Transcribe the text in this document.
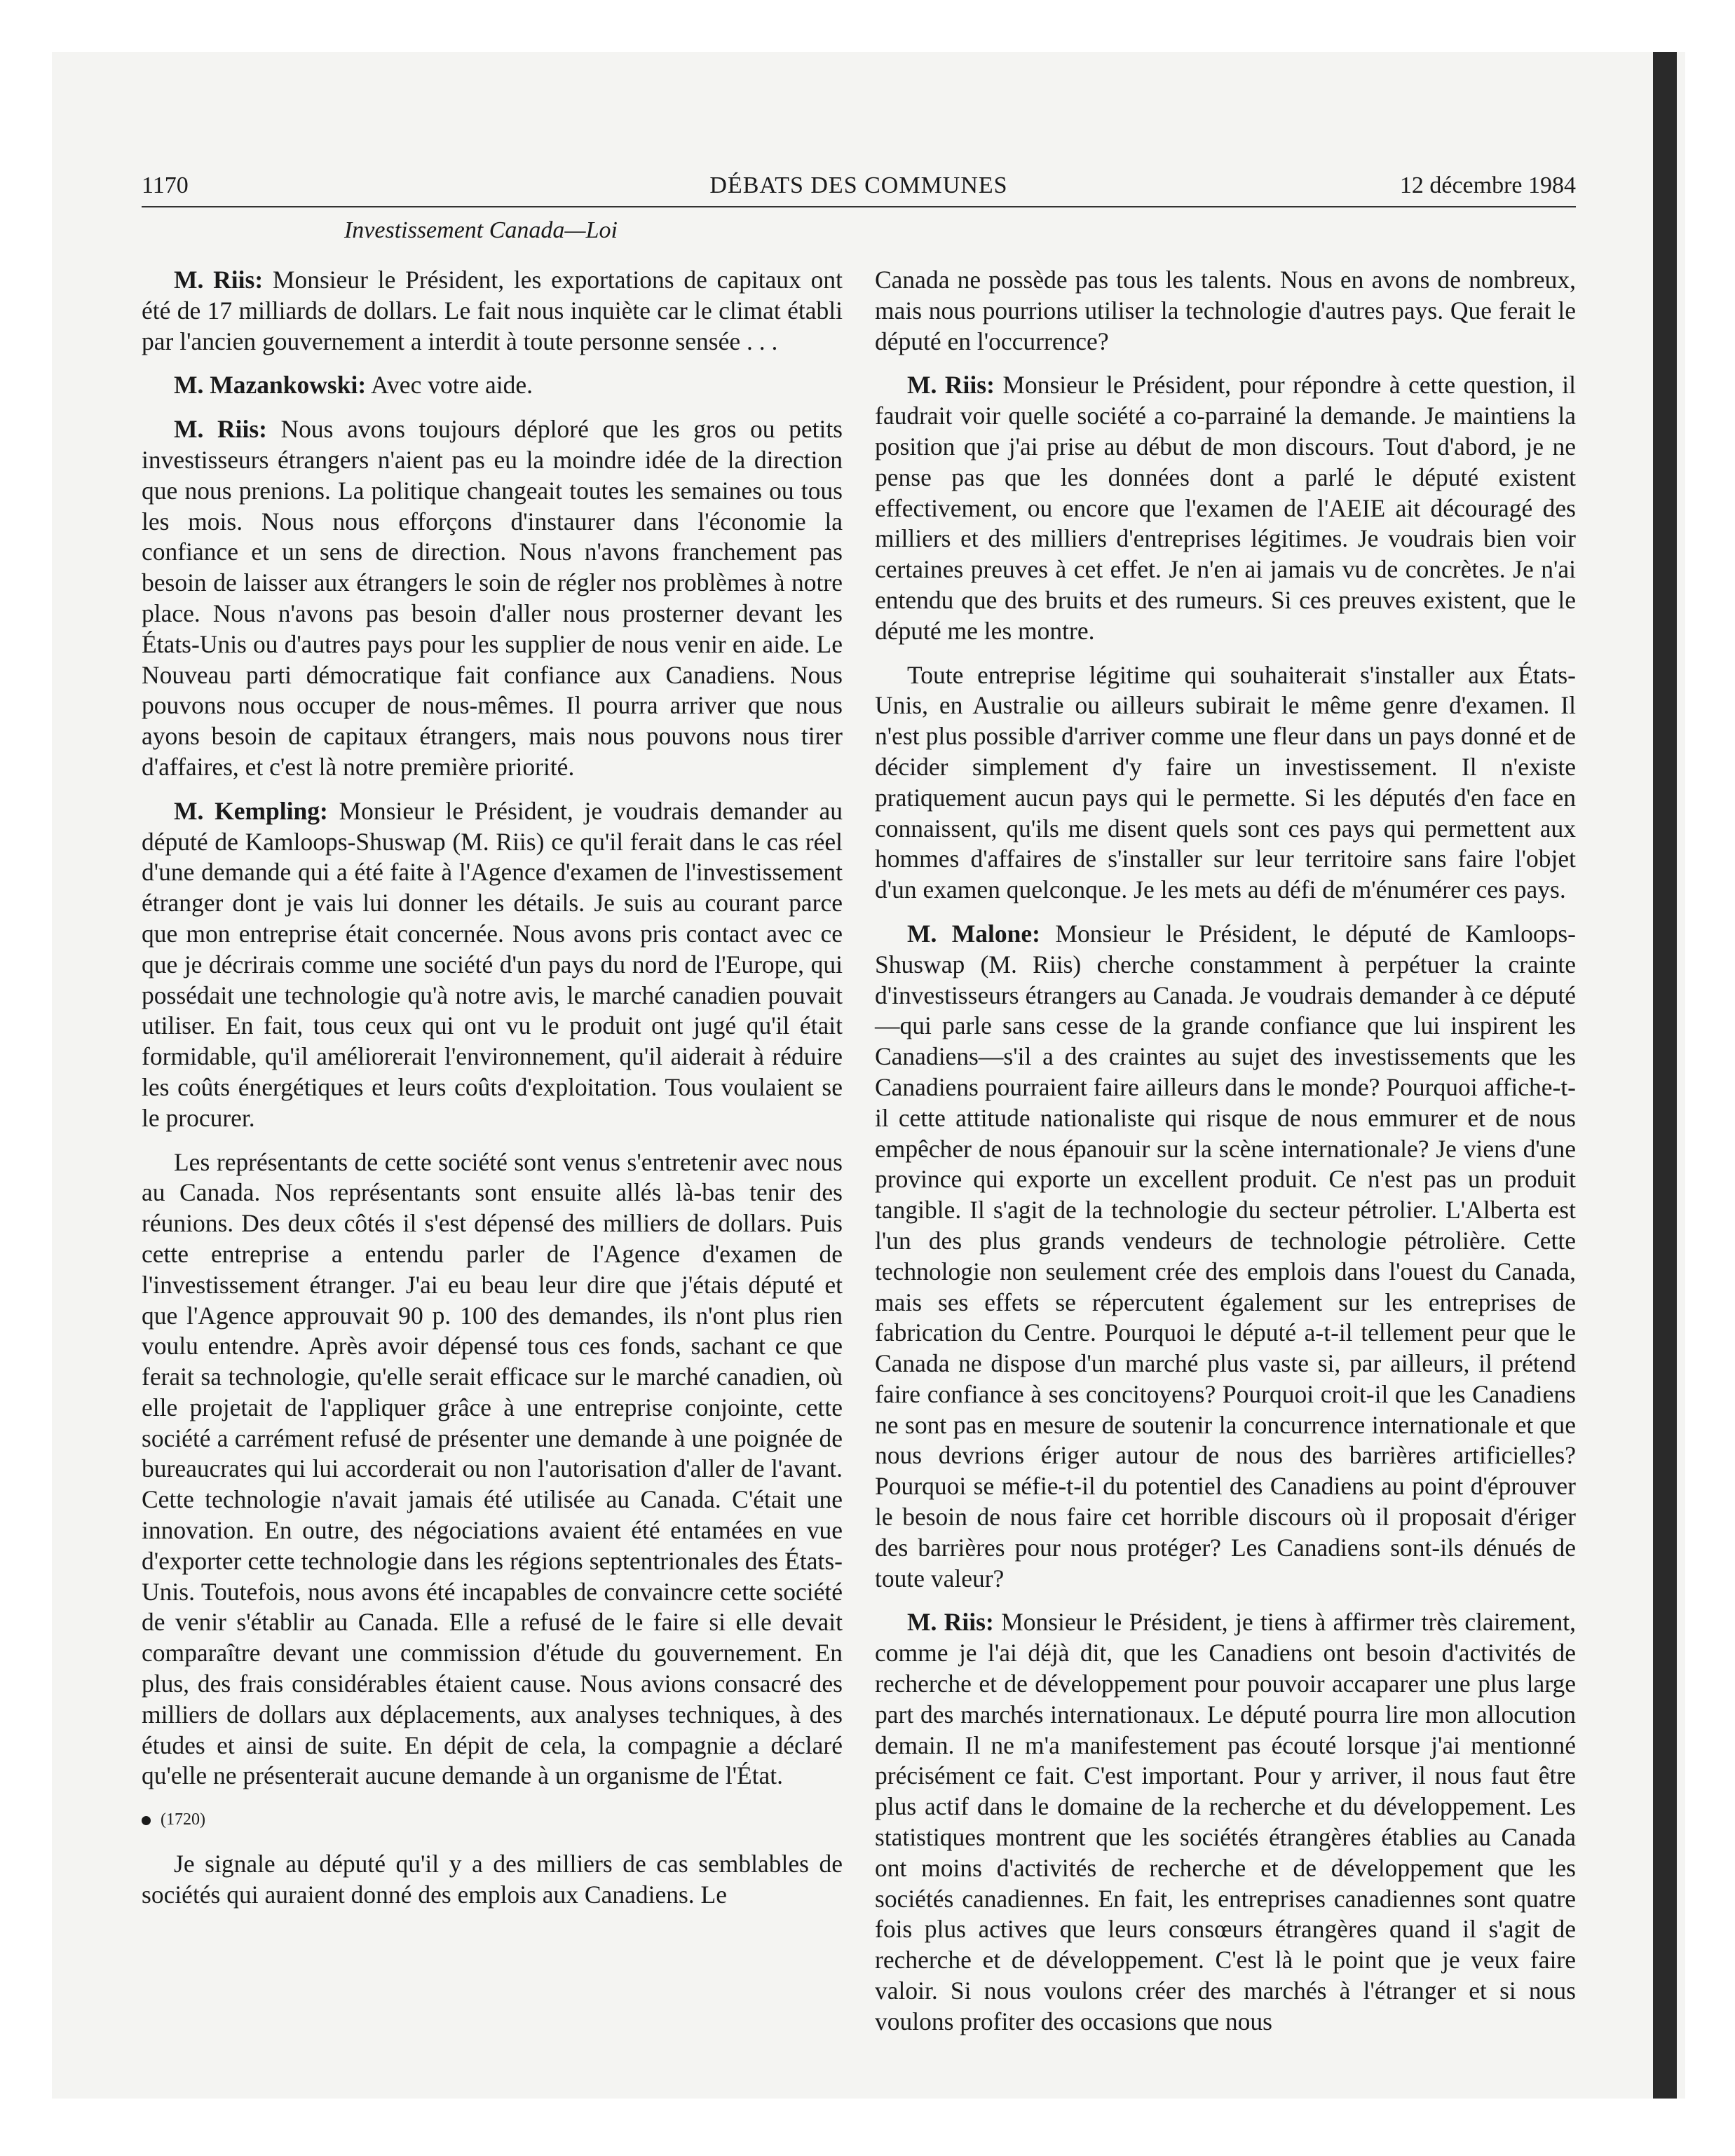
1170	DÉBATS DES COMMUNES	12 décembre 1984
Investissement Canada—Loi

M. Riis: Monsieur le Président, les exportations de capitaux ont été de 17 milliards de dollars. Le fait nous inquiète car le climat établi par l'ancien gouvernement a interdit à toute personne sensée . . .

M. Mazankowski: Avec votre aide.

M. Riis: Nous avons toujours déploré que les gros ou petits investisseurs étrangers n'aient pas eu la moindre idée de la direction que nous prenions. La politique changeait toutes les semaines ou tous les mois. Nous nous efforçons d'instaurer dans l'économie la confiance et un sens de direction. Nous n'avons franchement pas besoin de laisser aux étrangers le soin de régler nos problèmes à notre place. Nous n'avons pas besoin d'aller nous prosterner devant les États-Unis ou d'autres pays pour les supplier de nous venir en aide. Le Nouveau parti démocratique fait confiance aux Canadiens. Nous pouvons nous occuper de nous-mêmes. Il pourra arriver que nous ayons besoin de capitaux étrangers, mais nous pouvons nous tirer d'affaires, et c'est là notre première priorité.

M. Kempling: Monsieur le Président, je voudrais demander au député de Kamloops-Shuswap (M. Riis) ce qu'il ferait dans le cas réel d'une demande qui a été faite à l'Agence d'examen de l'investissement étranger dont je vais lui donner les détails. Je suis au courant parce que mon entreprise était concernée. Nous avons pris contact avec ce que je décrirais comme une société d'un pays du nord de l'Europe, qui possédait une technologie qu'à notre avis, le marché canadien pouvait utiliser. En fait, tous ceux qui ont vu le produit ont jugé qu'il était formidable, qu'il améliorerait l'environnement, qu'il aiderait à réduire les coûts énergétiques et leurs coûts d'exploitation. Tous voulaient se le procurer.

Les représentants de cette société sont venus s'entretenir avec nous au Canada. Nos représentants sont ensuite allés là-bas tenir des réunions. Des deux côtés il s'est dépensé des milliers de dollars. Puis cette entreprise a entendu parler de l'Agence d'examen de l'investissement étranger. J'ai eu beau leur dire que j'étais député et que l'Agence approuvait 90 p. 100 des demandes, ils n'ont plus rien voulu entendre. Après avoir dépensé tous ces fonds, sachant ce que ferait sa technologie, qu'elle serait efficace sur le marché canadien, où elle projetait de l'appliquer grâce à une entreprise conjointe, cette société a carrément refusé de présenter une demande à une poignée de bureaucrates qui lui accorderait ou non l'autorisation d'aller de l'avant. Cette technologie n'avait jamais été utilisée au Canada. C'était une innovation. En outre, des négociations avaient été entamées en vue d'exporter cette technologie dans les régions septentrionales des États-Unis. Toutefois, nous avons été incapables de convaincre cette société de venir s'établir au Canada. Elle a refusé de le faire si elle devait comparaître devant une commission d'étude du gouvernement. En plus, des frais considérables étaient cause. Nous avions consacré des milliers de dollars aux déplacements, aux analyses techniques, à des études et ainsi de suite. En dépit de cela, la compagnie a déclaré qu'elle ne présenterait aucune demande à un organisme de l'État.

(1720)

Je signale au député qu'il y a des milliers de cas semblables de sociétés qui auraient donné des emplois aux Canadiens. Le

Canada ne possède pas tous les talents. Nous en avons de nombreux, mais nous pourrions utiliser la technologie d'autres pays. Que ferait le député en l'occurrence?

M. Riis: Monsieur le Président, pour répondre à cette question, il faudrait voir quelle société a co-parrainé la demande. Je maintiens la position que j'ai prise au début de mon discours. Tout d'abord, je ne pense pas que les données dont a parlé le député existent effectivement, ou encore que l'examen de l'AEIE ait découragé des milliers et des milliers d'entreprises légitimes. Je voudrais bien voir certaines preuves à cet effet. Je n'en ai jamais vu de concrètes. Je n'ai entendu que des bruits et des rumeurs. Si ces preuves existent, que le député me les montre.

Toute entreprise légitime qui souhaiterait s'installer aux États-Unis, en Australie ou ailleurs subirait le même genre d'examen. Il n'est plus possible d'arriver comme une fleur dans un pays donné et de décider simplement d'y faire un investissement. Il n'existe pratiquement aucun pays qui le permette. Si les députés d'en face en connaissent, qu'ils me disent quels sont ces pays qui permettent aux hommes d'affaires de s'installer sur leur territoire sans faire l'objet d'un examen quelconque. Je les mets au défi de m'énumérer ces pays.

M. Malone: Monsieur le Président, le député de Kamloops-Shuswap (M. Riis) cherche constamment à perpétuer la crainte d'investisseurs étrangers au Canada. Je voudrais demander à ce député—qui parle sans cesse de la grande confiance que lui inspirent les Canadiens—s'il a des craintes au sujet des investissements que les Canadiens pourraient faire ailleurs dans le monde? Pourquoi affiche-t-il cette attitude nationaliste qui risque de nous emmurer et de nous empêcher de nous épanouir sur la scène internationale? Je viens d'une province qui exporte un excellent produit. Ce n'est pas un produit tangible. Il s'agit de la technologie du secteur pétrolier. L'Alberta est l'un des plus grands vendeurs de technologie pétrolière. Cette technologie non seulement crée des emplois dans l'ouest du Canada, mais ses effets se répercutent également sur les entreprises de fabrication du Centre. Pourquoi le député a-t-il tellement peur que le Canada ne dispose d'un marché plus vaste si, par ailleurs, il prétend faire confiance à ses concitoyens? Pourquoi croit-il que les Canadiens ne sont pas en mesure de soutenir la concurrence internationale et que nous devrions ériger autour de nous des barrières artificielles? Pourquoi se méfie-t-il du potentiel des Canadiens au point d'éprouver le besoin de nous faire cet horrible discours où il proposait d'ériger des barrières pour nous protéger? Les Canadiens sont-ils dénués de toute valeur?

M. Riis: Monsieur le Président, je tiens à affirmer très clairement, comme je l'ai déjà dit, que les Canadiens ont besoin d'activités de recherche et de développement pour pouvoir accaparer une plus large part des marchés internationaux. Le député pourra lire mon allocution demain. Il ne m'a manifestement pas écouté lorsque j'ai mentionné précisément ce fait. C'est important. Pour y arriver, il nous faut être plus actif dans le domaine de la recherche et du développement. Les statistiques montrent que les sociétés étrangères établies au Canada ont moins d'activités de recherche et de développement que les sociétés canadiennes. En fait, les entreprises canadiennes sont quatre fois plus actives que leurs consœurs étrangères quand il s'agit de recherche et de développement. C'est là le point que je veux faire valoir. Si nous voulons créer des marchés à l'étranger et si nous voulons profiter des occasions que nous
